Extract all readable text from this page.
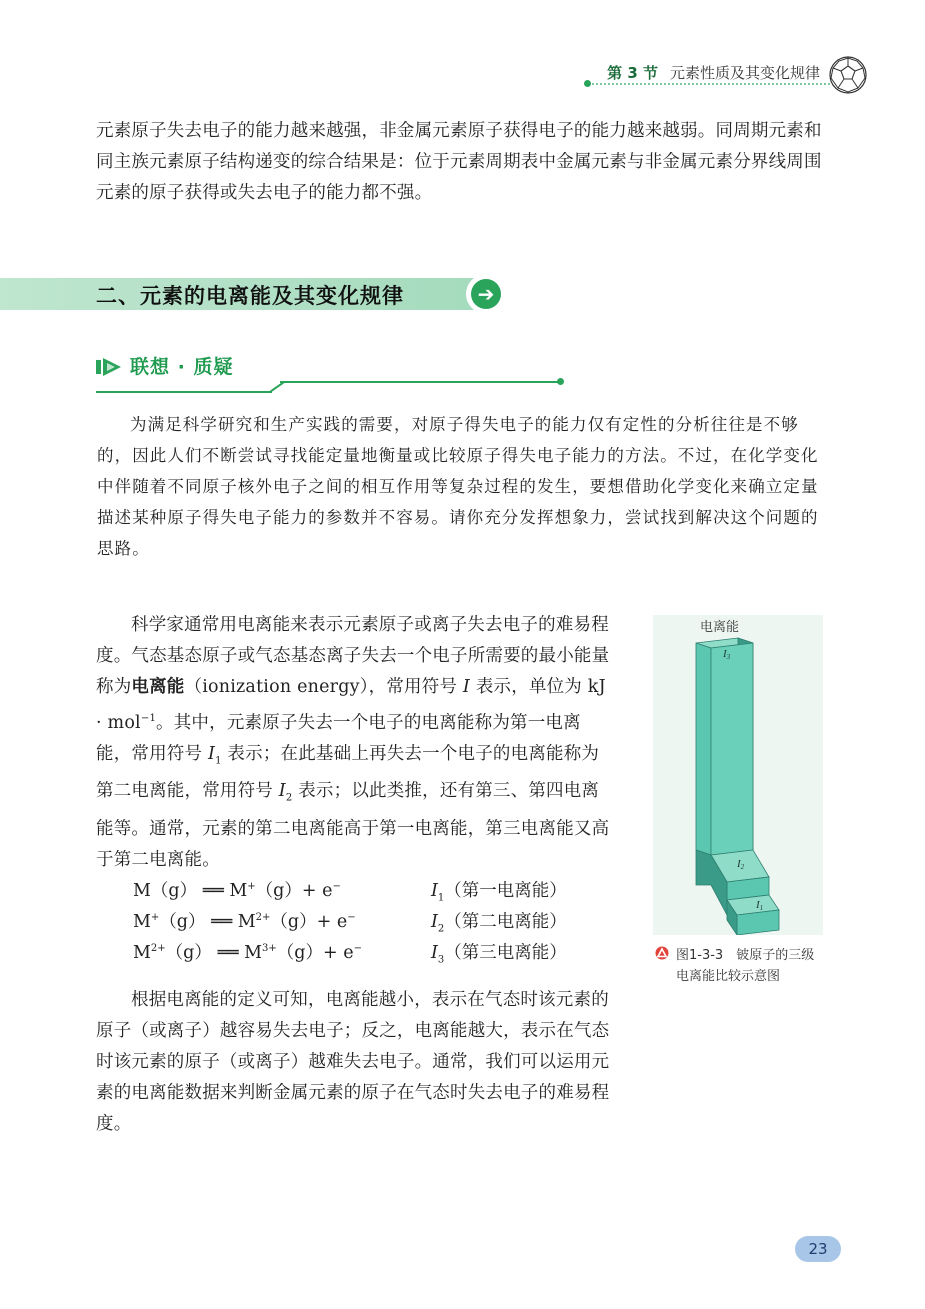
第 3 节 元素性质及其变化规律
元素原子失去电子的能力越来越强，非金属元素原子获得电子的能力越来越弱。同周期元素和同主族元素原子结构递变的综合结果是：位于元素周期表中金属元素与非金属元素分界线周围元素的原子获得或失去电子的能力都不强。
二、元素的电离能及其变化规律	➔
联想 · 质疑

为满足科学研究和生产实践的需要，对原子得失电子的能力仅有定性的分析往往是不够的，因此人们不断尝试寻找能定量地衡量或比较原子得失电子能力的方法。不过，在化学变化中伴随着不同原子核外电子之间的相互作用等复杂过程的发生，要想借助化学变化来确立定量描述某种原子得失电子能力的参数并不容易。请你充分发挥想象力，尝试找到解决这个问题的思路。

科学家通常用电离能来表示元素原子或离子失去电子的难易程度。气态基态原子或气态基态离子失去一个电子所需要的最小能量称为电离能（ionization energy），常用符号 I 表示，单位为 kJ · mol$^{-1}$。其中，元素原子失去一个电子的电离能称为第一电离能，常用符号 $I_1$ 表示；在此基础上再失去一个电子的电离能称为第二电离能，常用符号 $I_2$ 表示；以此类推，还有第三、第四电离能等。通常，元素的第二电离能高于第一电离能，第三电离能又高于第二电离能。

M（g） ══ M+（g）+ e−	$I_1$（第一电离能）
M+（g） ══ $M^{2+}(g)+ e^-$	$I_2$（第二电离能）
$M^{2+}(g)$ ══ $M^{3+}(g)+ e^-$	$I_3$（第三电离能）

根据电离能的定义可知，电离能越小，表示在气态时该元素的原子（或离子）越容易失去电子；反之，电离能越大，表示在气态时该元素的原子（或离子）越难失去电子。通常，我们可以运用元素的电离能数据来判断金属元素的原子在气态时失去电子的难易程度。

电离能
I3
I2
I1
图1-3-3　铍原子的三级
电离能比较示意图
23
